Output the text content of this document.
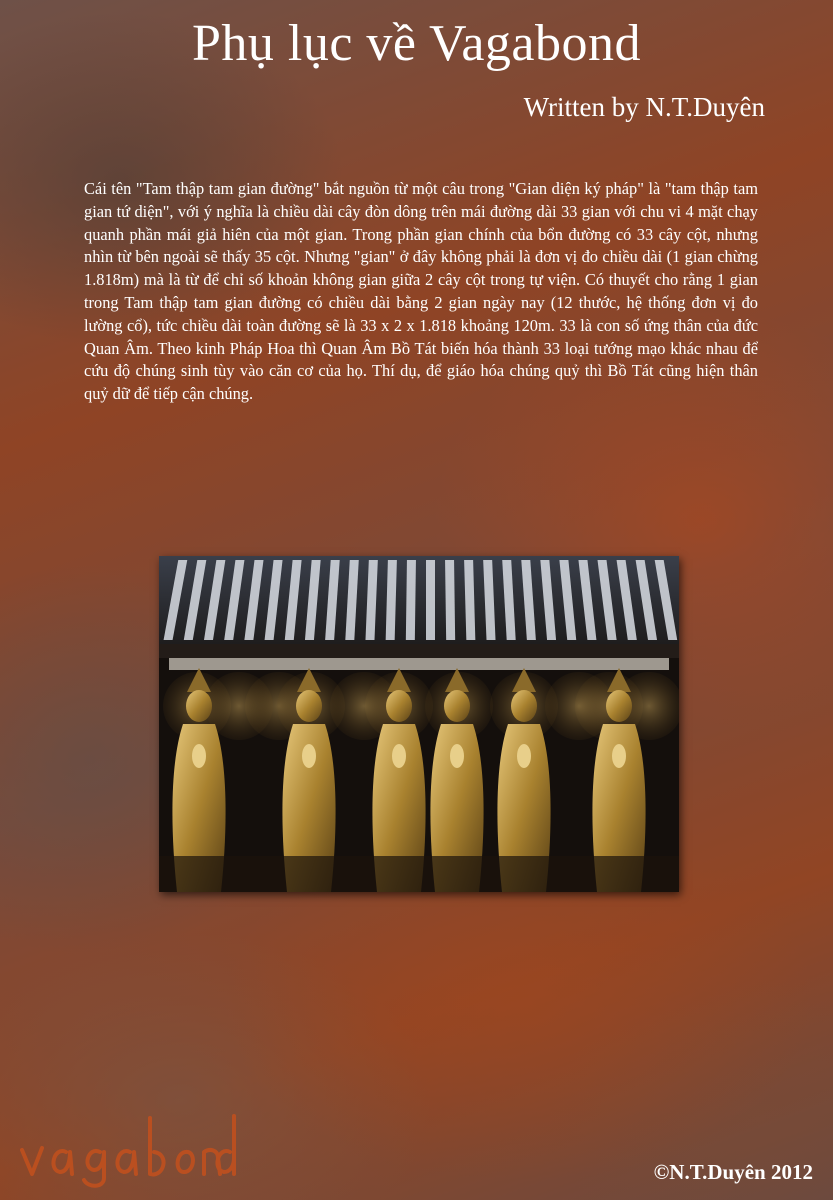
Phụ lục về Vagabond
Written by N.T.Duyên

Cái tên "Tam thập tam gian đường" bắt nguồn từ một câu trong "Gian diện ký pháp" là "tam thập tam gian tứ diện", với ý nghĩa là chiều dài cây đòn dông trên mái đường dài 33 gian với chu vi 4 mặt chạy quanh phần mái giả hiên của một gian. Trong phần gian chính của bổn đường có 33 cây cột, nhưng nhìn từ bên ngoài sẽ thấy 35 cột. Nhưng "gian" ở đây không phải là đơn vị đo chiều dài (1 gian chừng 1.818m) mà là từ để chỉ số khoản không gian giữa 2 cây cột trong tự viện. Có thuyết cho rằng 1 gian trong Tam thập tam gian đường có chiều dài bằng 2 gian ngày nay (12 thước, hệ thống đơn vị đo lường cổ), tức chiều dài toàn đường sẽ là 33 x 2 x 1.818 khoảng 120m. 33 là con số ứng thân của đức Quan Âm. Theo kinh Pháp Hoa thì Quan Âm Bồ Tát biến hóa thành 33 loại tướng mạo khác nhau để cứu độ chúng sinh tùy vào căn cơ của họ. Thí dụ, để giáo hóa chúng quỷ thì Bồ Tát cũng hiện thân quỷ dữ để tiếp cận chúng.

©N.T.Duyên 2012
